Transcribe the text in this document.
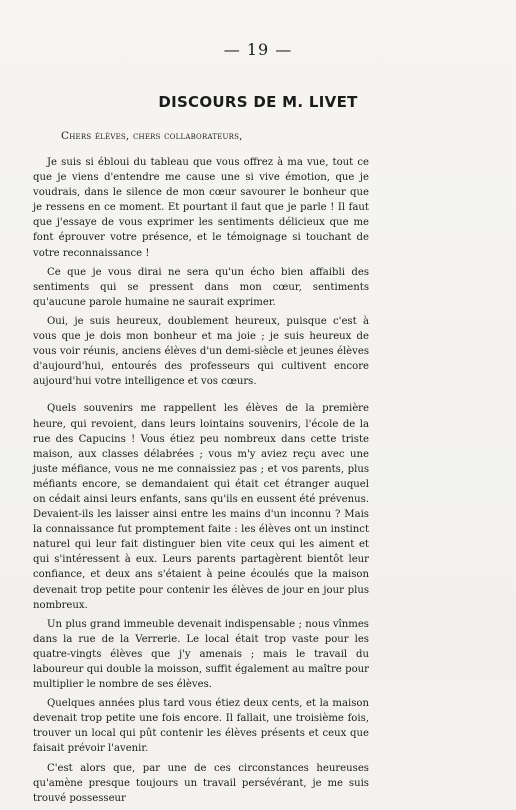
— 19 —
DISCOURS DE M. LIVET
Chers élèves, chers collaborateurs,

Je suis si ébloui du tableau que vous offrez à ma vue, tout ce que je viens d'entendre me cause une si vive émotion, que je voudrais, dans le silence de mon cœur savourer le bonheur que je ressens en ce moment. Et pourtant il faut que je parle ! Il faut que j'essaye de vous exprimer les sentiments délicieux que me font éprouver votre présence, et le témoignage si touchant de votre reconnaissance !

Ce que je vous dirai ne sera qu'un écho bien affaibli des sentiments qui se pressent dans mon cœur, sentiments qu'aucune parole humaine ne saurait exprimer.

Oui, je suis heureux, doublement heureux, puisque c'est à vous que je dois mon bonheur et ma joie ; je suis heureux de vous voir réunis, anciens élèves d'un demi-siècle et jeunes élèves d'aujourd'hui, entourés des professeurs qui cultivent encore aujourd'hui votre intelligence et vos cœurs.

Quels souvenirs me rappellent les élèves de la première heure, qui revoient, dans leurs lointains souvenirs, l'école de la rue des Capucins ! Vous étiez peu nombreux dans cette triste maison, aux classes délabrées ; vous m'y aviez reçu avec une juste méfiance, vous ne me connaissiez pas ; et vos parents, plus méfiants encore, se demandaient qui était cet étranger auquel on cédait ainsi leurs enfants, sans qu'ils en eussent été prévenus. Devaient-ils les laisser ainsi entre les mains d'un inconnu ? Mais la connaissance fut promptement faite : les élèves ont un instinct naturel qui leur fait distinguer bien vite ceux qui les aiment et qui s'intéressent à eux. Leurs parents partagèrent bientôt leur confiance, et deux ans s'étaient à peine écoulés que la maison devenait trop petite pour contenir les élèves de jour en jour plus nombreux.

Un plus grand immeuble devenait indispensable ; nous vînmes dans la rue de la Verrerie. Le local était trop vaste pour les quatre-vingts élèves que j'y amenais ; mais le travail du laboureur qui double la moisson, suffit également au maître pour multiplier le nombre de ses élèves.

Quelques années plus tard vous étiez deux cents, et la maison devenait trop petite une fois encore. Il fallait, une troisième fois, trouver un local qui pût contenir les élèves présents et ceux que faisait prévoir l'avenir.

C'est alors que, par une de ces circonstances heureuses qu'amène presque toujours un travail persévérant, je me suis trouvé possesseur
